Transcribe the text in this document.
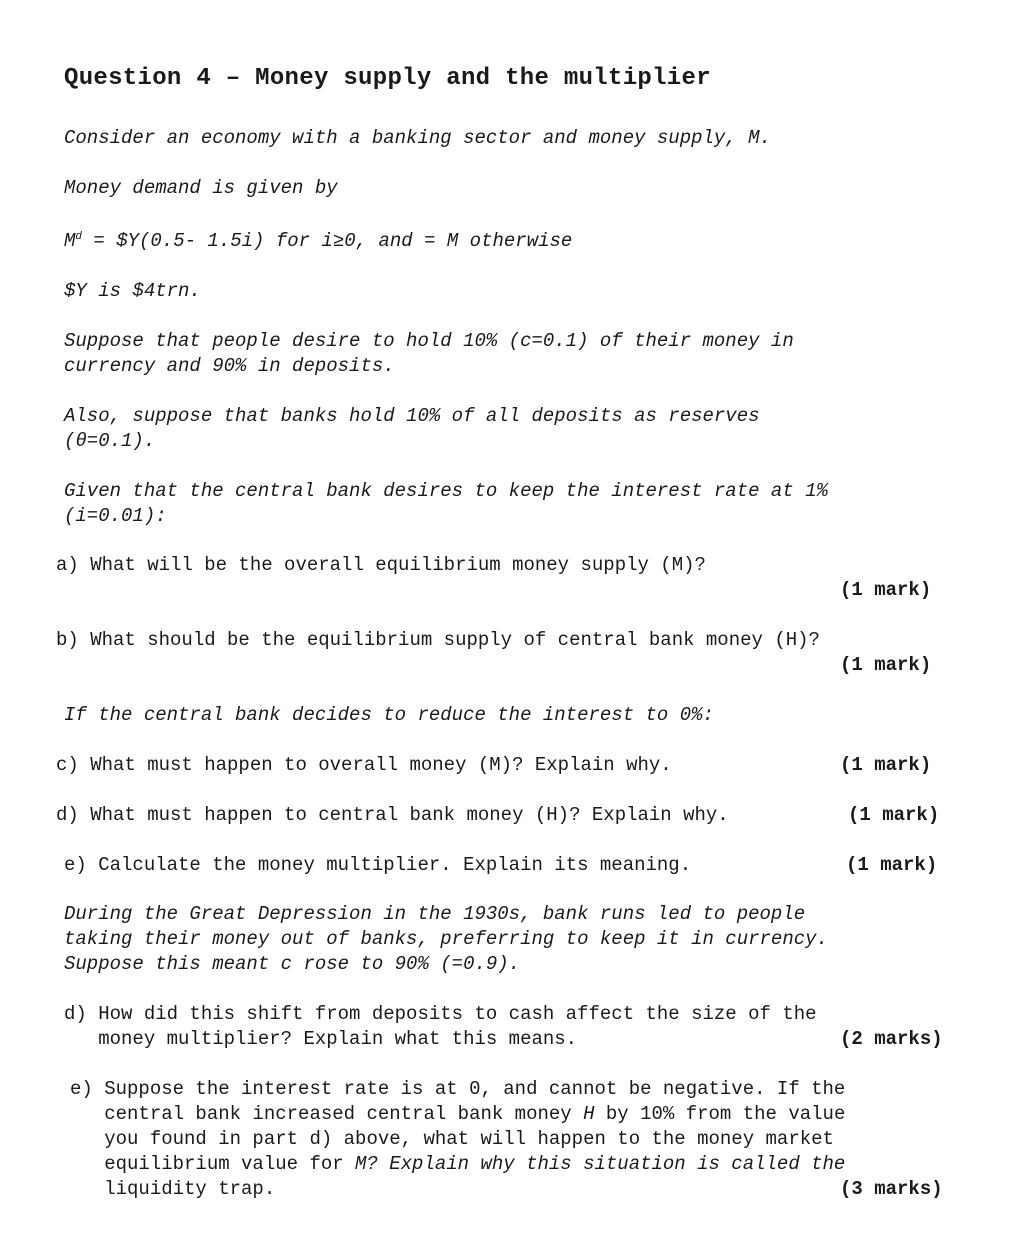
Question 4 – Money supply and the multiplier
Consider an economy with a banking sector and money supply, M.
Money demand is given by
$M^d$ = $Y(0.5- 1.5i) for i≥0, and = M otherwise
$Y is $4trn.
Suppose that people desire to hold 10% (c=0.1) of their money in
currency and 90% in deposits.
Also, suppose that banks hold 10% of all deposits as reserves
(θ=0.1).
Given that the central bank desires to keep the interest rate at 1%
(i=0.01):
a) What will be the overall equilibrium money supply (M)?
(1 mark)
b) What should be the equilibrium supply of central bank money (H)?
(1 mark)
If the central bank decides to reduce the interest to 0%:
c) What must happen to overall money (M)? Explain why.	(1 mark)
d) What must happen to central bank money (H)? Explain why.	(1 mark)
e) Calculate the money multiplier. Explain its meaning.	(1 mark)
During the Great Depression in the 1930s, bank runs led to people
taking their money out of banks, preferring to keep it in currency.
Suppose this meant c rose to 90% (=0.9).
d) How did this shift from deposits to cash affect the size of the
money multiplier? Explain what this means.	(2 marks)
e) Suppose the interest rate is at 0, and cannot be negative. If the
central bank increased central bank money H by 10% from the value
you found in part d) above, what will happen to the money market
equilibrium value for M? Explain why this situation is called the
liquidity trap.	(3 marks)
